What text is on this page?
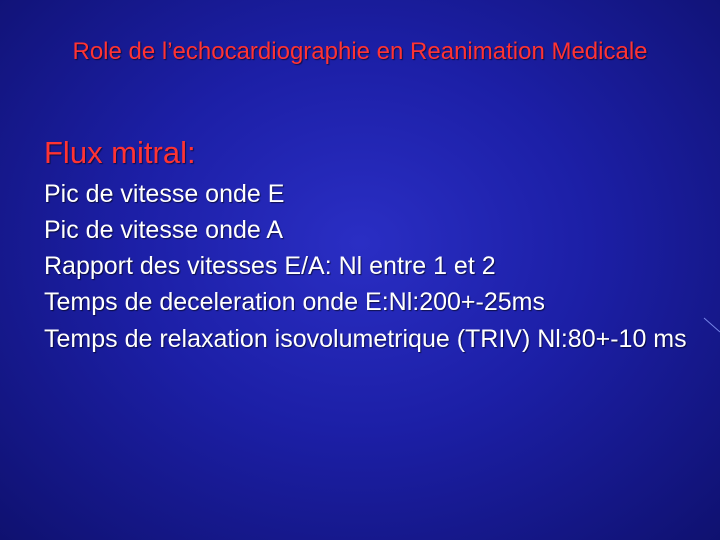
Role de l’echocardiographie en Reanimation Medicale
Flux mitral:
Pic de vitesse onde E
Pic de vitesse onde A
Rapport des vitesses E/A: Nl entre 1 et 2
Temps de deceleration onde E:Nl:200+-25ms
Temps de relaxation isovolumetrique (TRIV) Nl:80+-10 ms
